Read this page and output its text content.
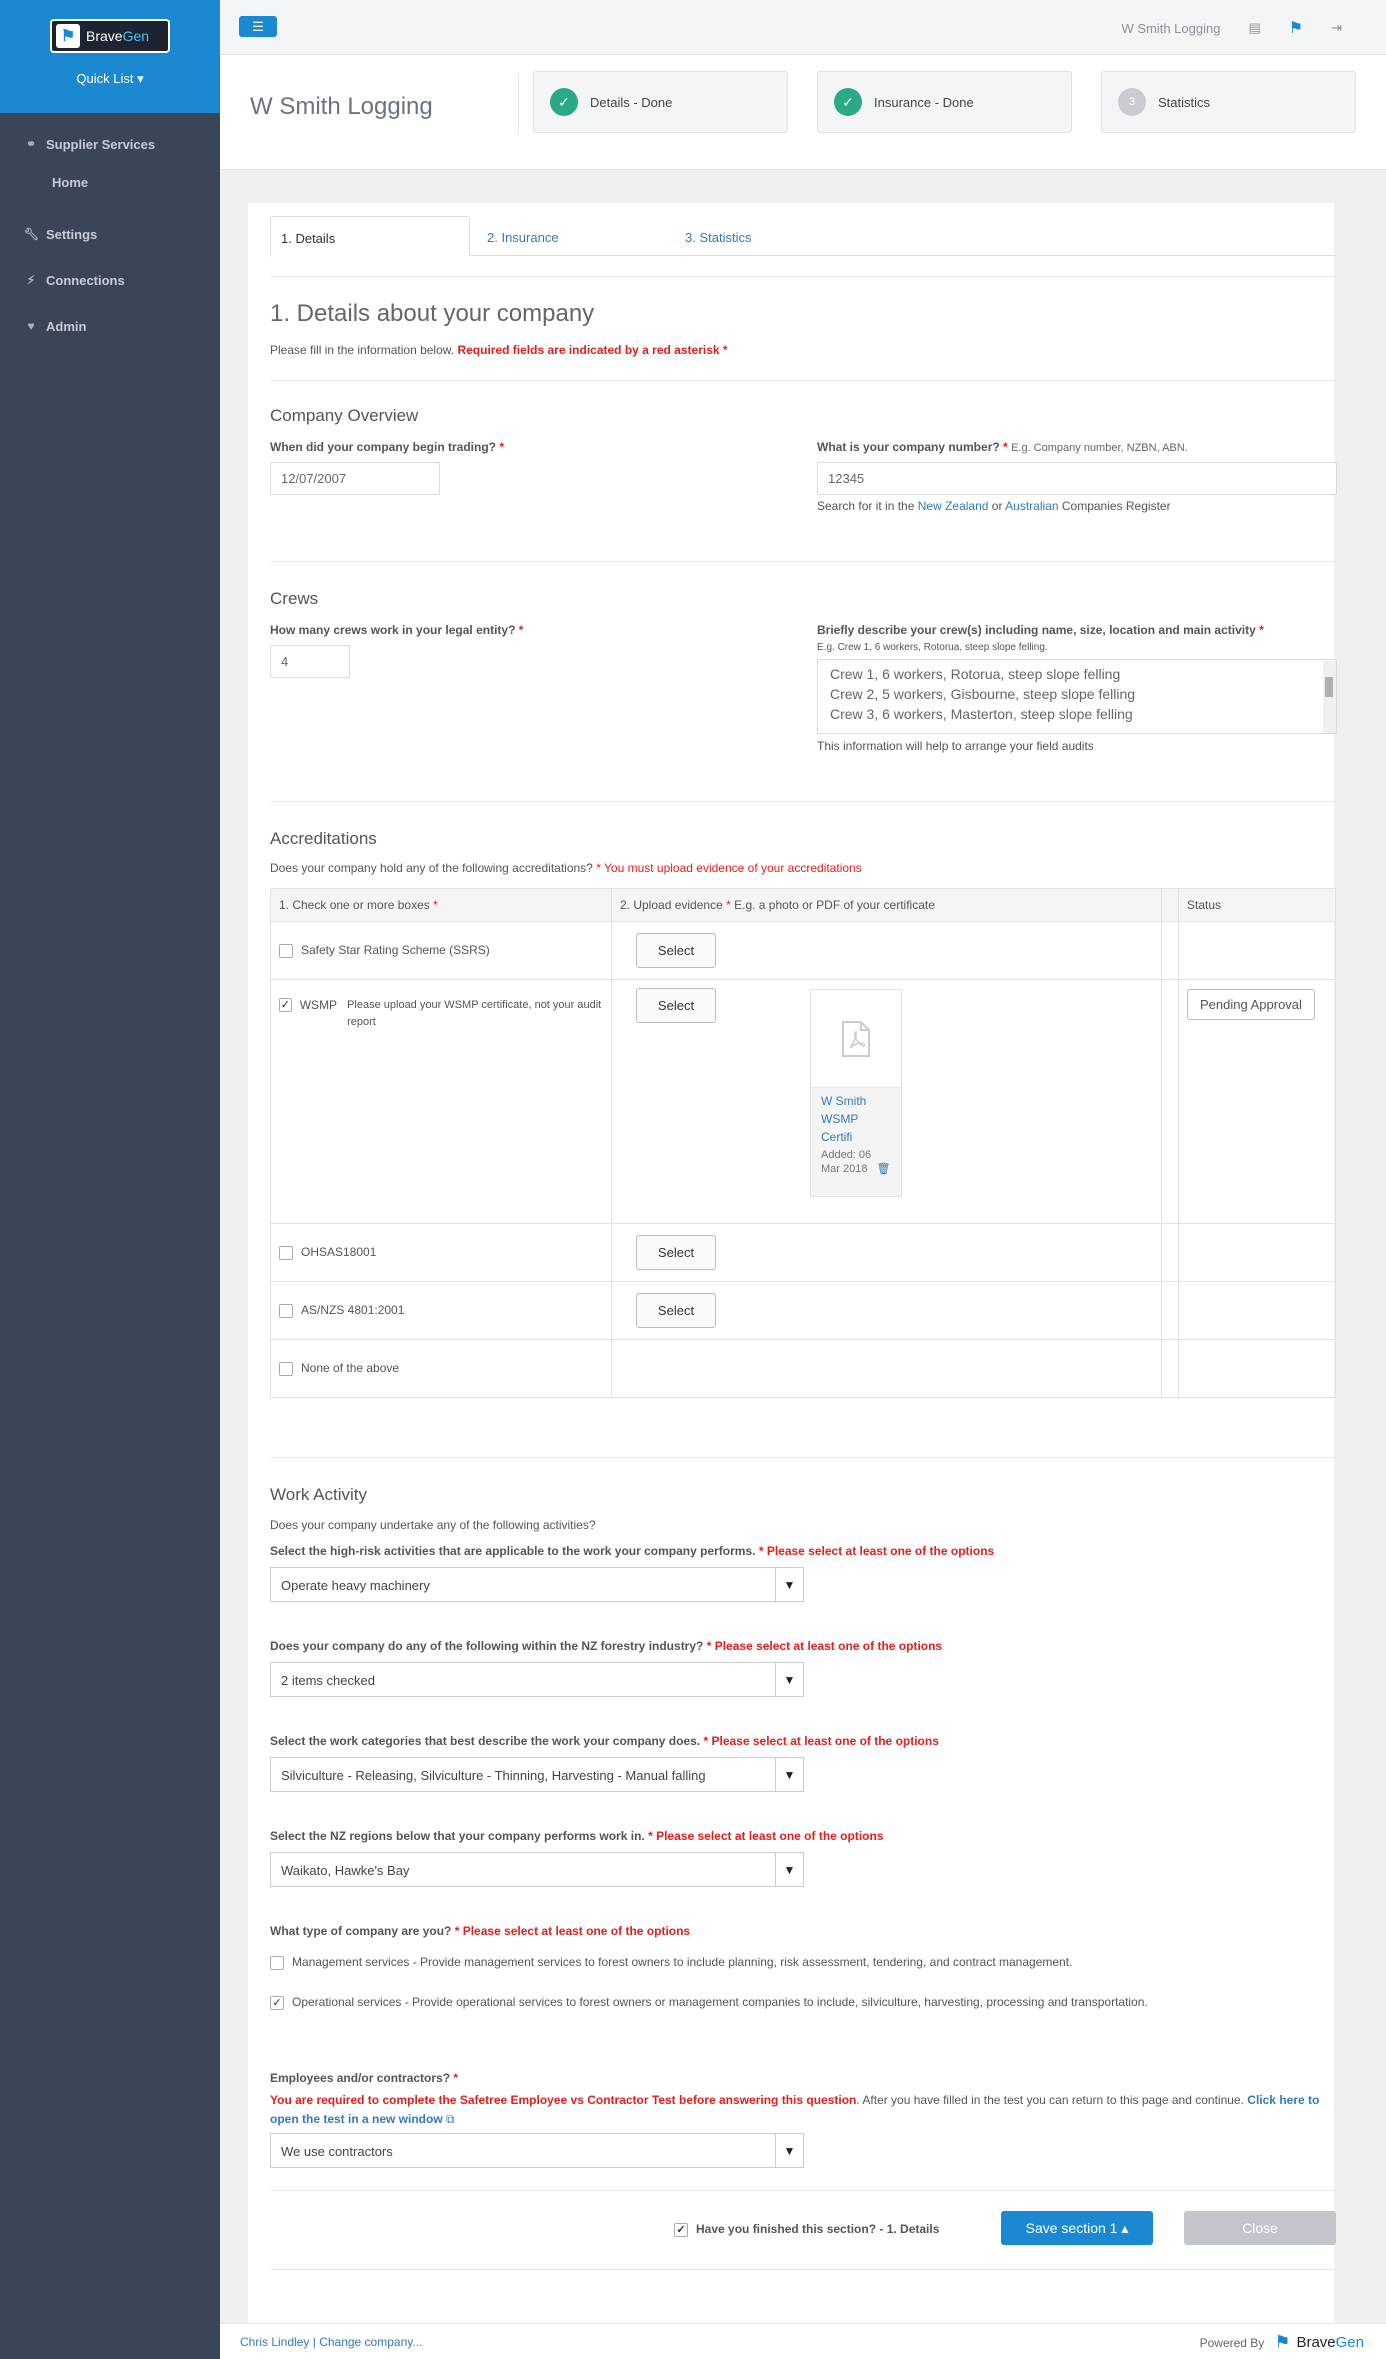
⚑ BraveGen
Quick List ▾
⚭ Supplier Services
Home
🔧︎ Settings
⚡︎ Connections
♥ Admin
☰	W Smith Logging ▤ ⚑ ⇥
W Smith Logging	✓	Details - Done	✓	Insurance - Done	3	Statistics
1. Details	2. Insurance	3. Statistics
1. Details about your company
Please fill in the information below. Required fields are indicated by a red asterisk *
Company Overview
When did your company begin trading? *
12/07/2007
What is your company number? * E.g. Company number, NZBN, ABN.
12345
Search for it in the New Zealand or Australian Companies Register
Crews
How many crews work in your legal entity? *
4
Briefly describe your crew(s) including name, size, location and main activity *
E.g. Crew 1, 6 workers, Rotorua, steep slope felling.
Crew 1, 6 workers, Rotorua, steep slope felling
Crew 2, 5 workers, Gisbourne, steep slope felling
Crew 3, 6 workers, Masterton, steep slope felling
This information will help to arrange your field audits
Accreditations
Does your company hold any of the following accreditations? * You must upload evidence of your accreditations
1. Check one or more boxes *	2. Upload evidence * E.g. a photo or PDF of your certificate		Status
Safety Star Rating Scheme (SSRS)	Select		

✓ WSMP Please upload your WSMP certificate, not your audit report	Select		Pending Approval
OHSAS18001	Select		
AS/NZS 4801:2001	Select		
None of the above			
W Smith
WSMP
Certifi
Added: 06
Mar 2018 🗑︎
Work Activity
Does your company undertake any of the following activities?
Select the high-risk activities that are applicable to the work your company performs. * Please select at least one of the options
Operate heavy machinery	▼
Does your company do any of the following within the NZ forestry industry? * Please select at least one of the options
2 items checked	▼
Select the work categories that best describe the work your company does. * Please select at least one of the options
Silviculture - Releasing, Silviculture - Thinning, Harvesting - Manual falling	▼
Select the NZ regions below that your company performs work in. * Please select at least one of the options
Waikato, Hawke's Bay	▼
What type of company are you? * Please select at least one of the options
Management services - Provide management services to forest owners to include planning, risk assessment, tendering, and contract management.
✓ Operational services - Provide operational services to forest owners or management companies to include, silviculture, harvesting, processing and transportation.
Employees and/or contractors? *
You are required to complete the Safetree Employee vs Contractor Test before answering this question. After you have filled in the test you can return to this page and continue. Click here to open the test in a new window ⧉
We use contractors	▼
✓ Have you finished this section? - 1. Details	Save section 1 ▴	Close
Chris Lindley | Change company...	Powered By ⚑ BraveGen
